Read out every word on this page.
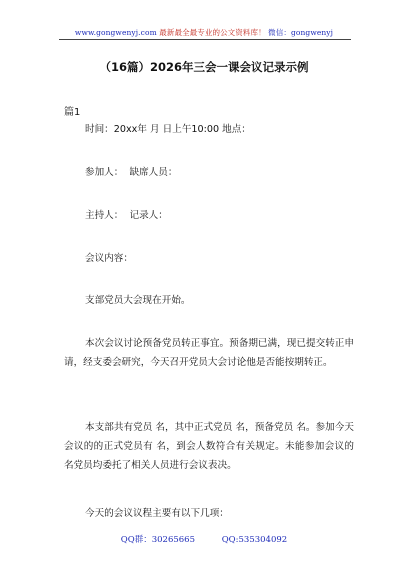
www.gongwenyj.com 最新最全最专业的公文资料库！ 微信：gongwenyj
（16篇）2026年三会一课会议记录示例
篇1
时间：20xx年 月 日上午10:00 地点：
参加人： 缺席人员：
主持人： 记录人：
会议内容：
支部党员大会现在开始。
本次会议讨论预备党员转正事宜。预备期已满，现已提交转正申请，经支委会研究，今天召开党员大会讨论他是否能按期转正。
本支部共有党员 名，其中正式党员 名，预备党员 名。参加今天会议的的正式党员有 名，到会人数符合有关规定。未能参加会议的 名党员均委托了相关人员进行会议表决。
今天的会议议程主要有以下几项：
QQ群：30265665	QQ:535304092
